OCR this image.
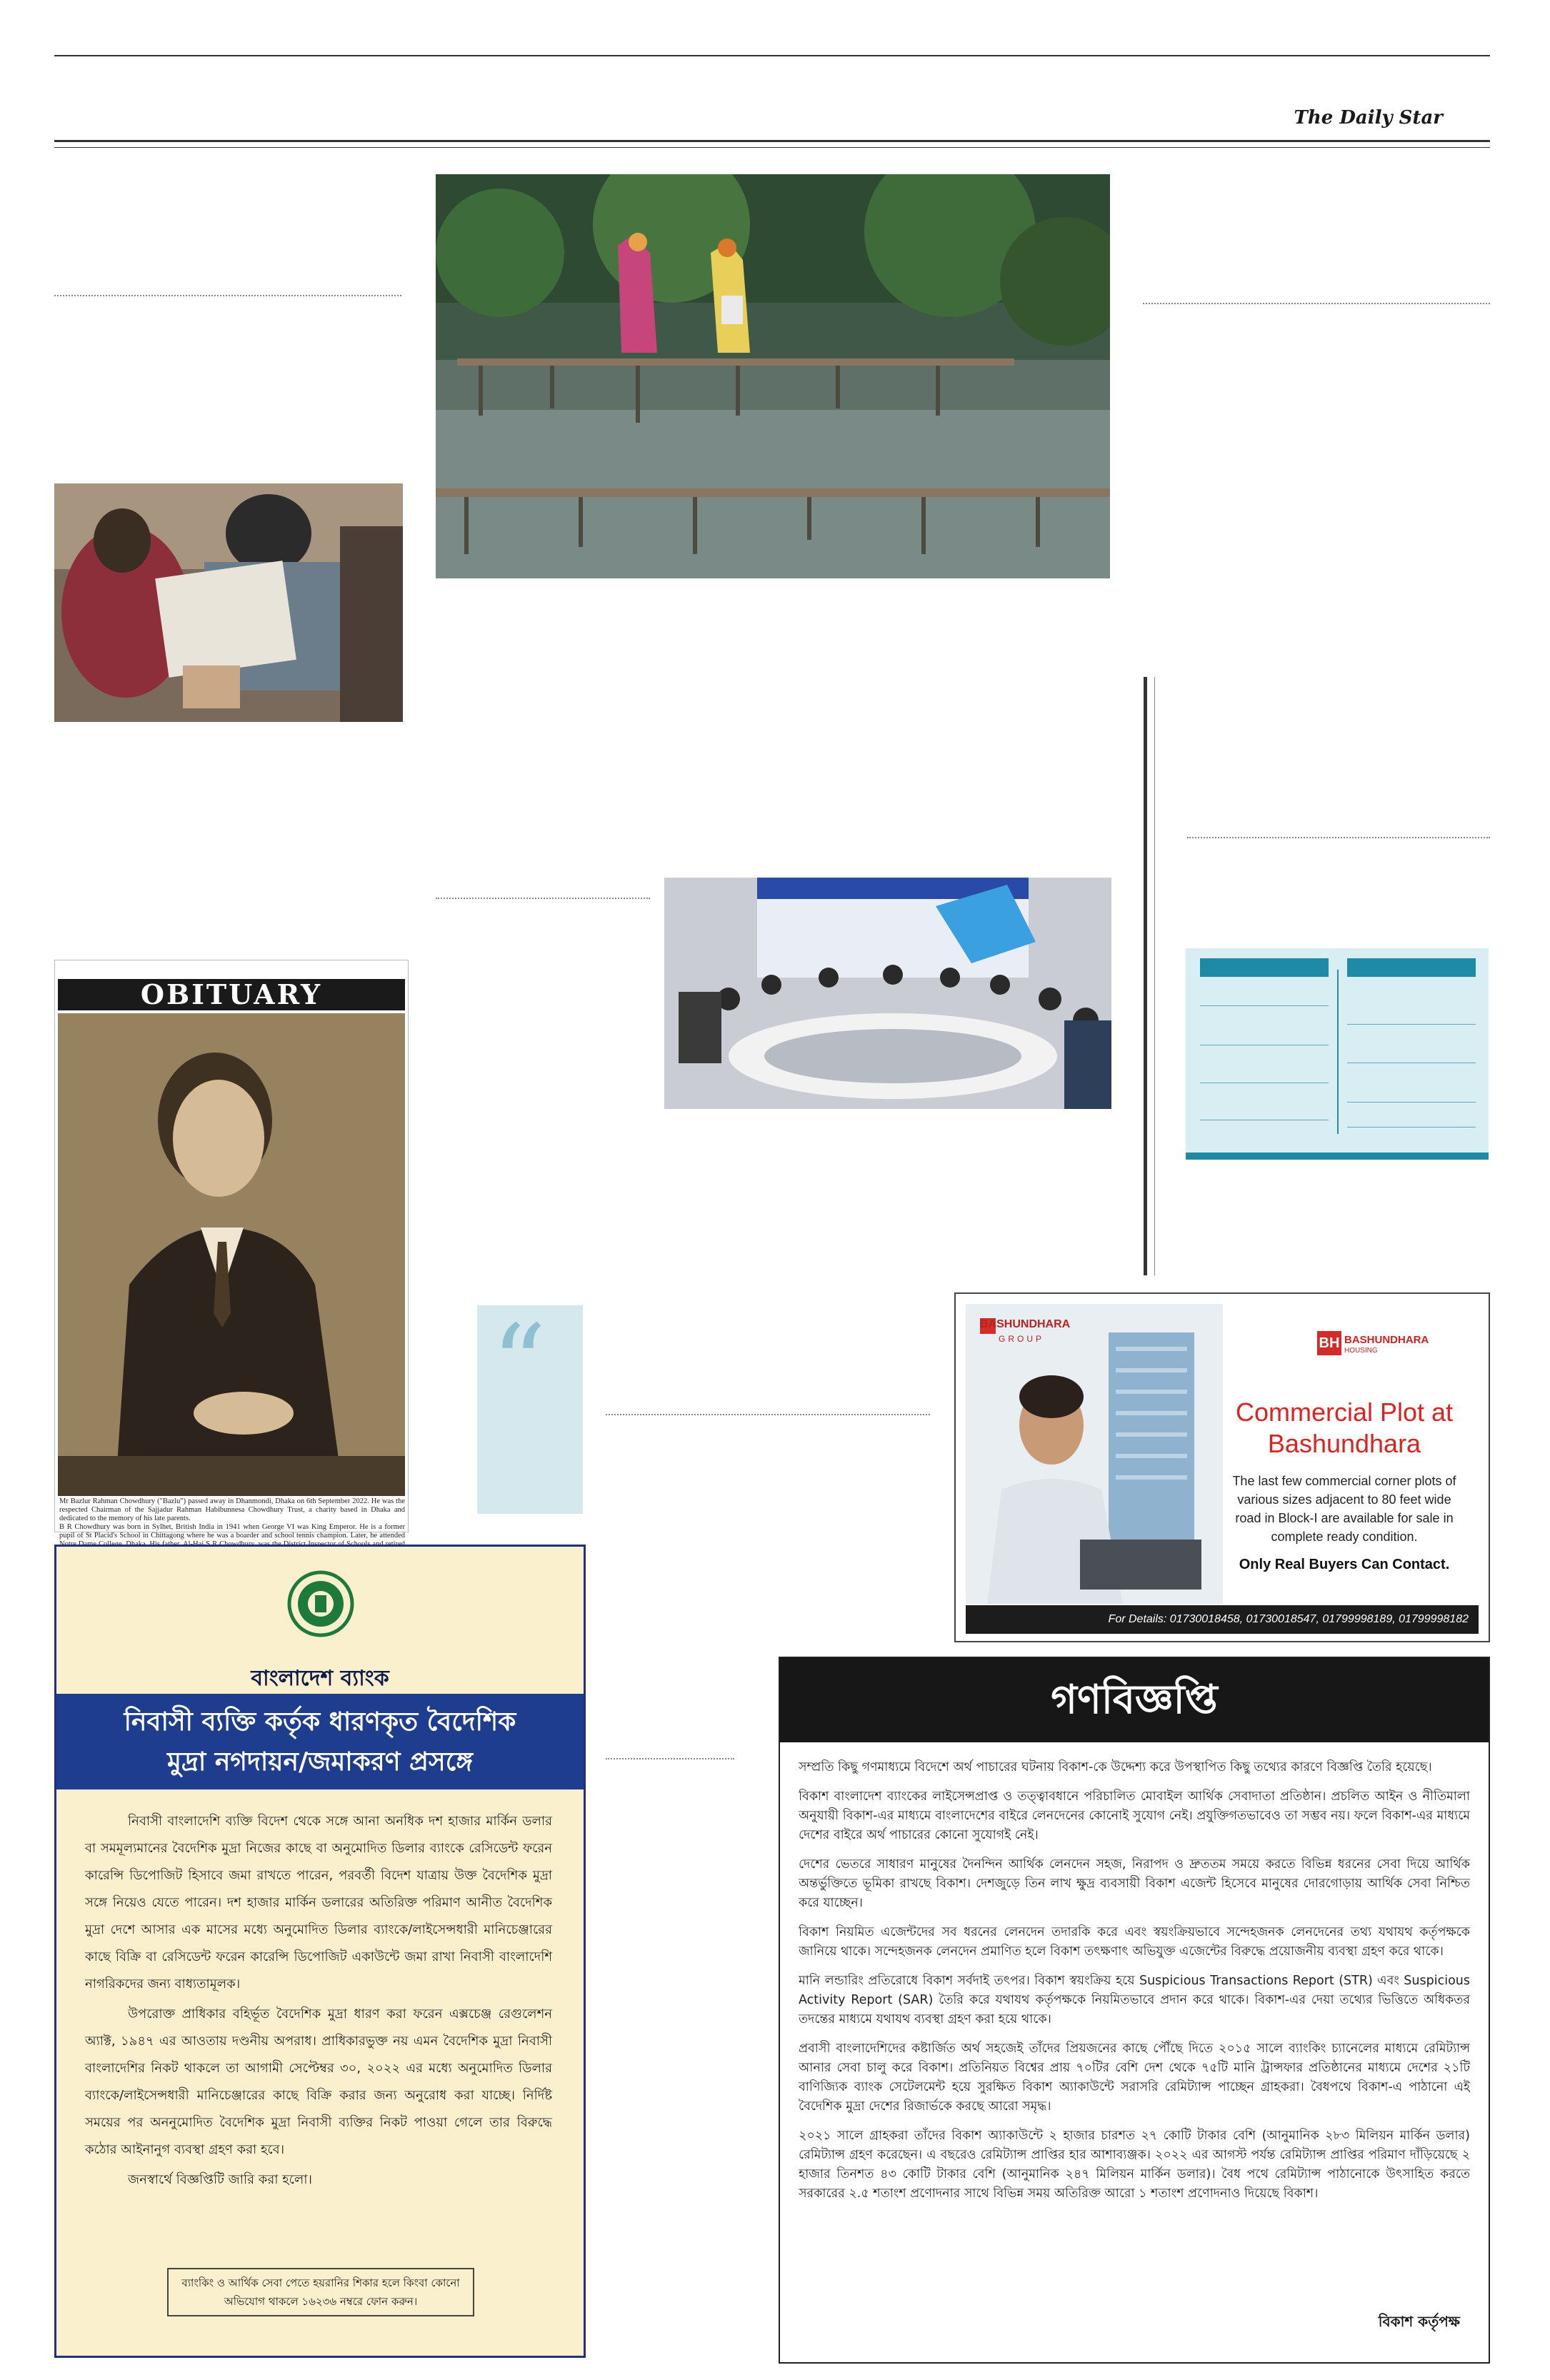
The Daily Star
“
OBITUARY

Mr Bazlur Rahman Chowdhury ("Bazlu") passed away in Dhanmondi, Dhaka on 6th September 2022. He was the respected Chairman of the Sajjadur Rahman Habibunnesa Chowdhury Trust, a charity based in Dhaka and dedicated to the memory of his late parents.

B R Chowdhury was born in Sylhet, British India in 1941 when George VI was King Emperor. He is a former pupil of St Placid's School in Chittagong where he was a boarder and school tennis champion. Later, he attended

বাংলাদেশ ব্যাংক
নিবাসী ব্যক্তি কর্তৃক ধারণকৃত বৈদেশিক
মুদ্রা নগদায়ন/জমাকরণ প্রসঙ্গে

নিবাসী বাংলাদেশি ব্যক্তি বিদেশ থেকে সঙ্গে আনা অনধিক দশ হাজার মার্কিন ডলার বা সমমূল্যমানের বৈদেশিক মুদ্রা নিজের কাছে বা অনুমোদিত ডিলার ব্যাংকে রেসিডেন্ট ফরেন কারেন্সি ডিপোজিট হিসাবে জমা রাখতে পারেন, পরবর্তী বিদেশ যাত্রায় উক্ত বৈদেশিক মুদ্রা সঙ্গে নিয়েও যেতে পারেন। দশ হাজার মার্কিন ডলারের অতিরিক্ত পরিমাণ আনীত বৈদেশিক মুদ্রা দেশে আসার এক মাসের মধ্যে অনুমোদিত ডিলার ব্যাংকে/লাইসেন্সধারী মানিচেঞ্জারের কাছে বিক্রি বা রেসিডেন্ট ফরেন কারেন্সি ডিপোজিট একাউন্টে জমা রাখা নিবাসী বাংলাদেশি নাগরিকদের জন্য বাধ্যতামূলক।

উপরোক্ত প্রাধিকার বহির্ভূত বৈদেশিক মুদ্রা ধারণ করা ফরেন এক্সচেঞ্জ রেগুলেশন অ্যাক্ট, ১৯৪৭ এর আওতায় দণ্ডনীয় অপরাধ। প্রাধিকারভুক্ত নয় এমন বৈদেশিক মুদ্রা নিবাসী বাংলাদেশির নিকট থাকলে তা আগামী সেপ্টেম্বর ৩০, ২০২২ এর মধ্যে অনুমোদিত ডিলার ব্যাংকে/লাইসেন্সধারী মানিচেঞ্জারের কাছে বিক্রি করার জন্য অনুরোধ করা যাচ্ছে। নির্দিষ্ট সময়ের পর অননুমোদিত বৈদেশিক মুদ্রা নিবাসী ব্যক্তির নিকট পাওয়া গেলে তার বিরুদ্ধে কঠোর আইনানুগ ব্যবস্থা গ্রহণ করা হবে।

জনস্বার্থে বিজ্ঞপ্তিটি জারি করা হলো।

ব্যাংকিং ও আর্থিক সেবা পেতে হয়রানির শিকার হলে কিংবা কোনো অভিযোগ থাকলে ১৬২৩৬ নম্বরে ফোন করুন।
BASHUNDHARA
GROUP	BH BASHUNDHARA
HOUSING
Commercial Plot at Bashundhara
The last few commercial corner plots of various sizes adjacent to 80 feet wide road in Block-I are available for sale in complete ready condition.
Only Real Buyers Can Contact.
For Details: 01730018458, 01730018547, 01799998189, 01799998182
গণবিজ্ঞপ্তি

সম্প্রতি কিছু গণমাধ্যমে বিদেশে অর্থ পাচারের ঘটনায় বিকাশ-কে উদ্দেশ্য করে উপস্থাপিত কিছু তথ্যের কারণে বিজ্ঞপ্তি তৈরি হয়েছে।

বিকাশ বাংলাদেশ ব্যাংকের লাইসেন্সপ্রাপ্ত ও তত্ত্বাবধানে পরিচালিত মোবাইল আর্থিক সেবাদাতা প্রতিষ্ঠান। প্রচলিত আইন ও নীতিমালা অনুযায়ী বিকাশ-এর মাধ্যমে বাংলাদেশের বাইরে লেনদেনের কোনোই সুযোগ নেই। প্রযুক্তিগতভাবেও তা সম্ভব নয়। ফলে বিকাশ-এর মাধ্যমে দেশের বাইরে অর্থ পাচারের কোনো সুযোগই নেই।

দেশের ভেতরে সাধারণ মানুষের দৈনন্দিন আর্থিক লেনদেন সহজ, নিরাপদ ও দ্রুততম সময়ে করতে বিভিন্ন ধরনের সেবা দিয়ে আর্থিক অন্তর্ভুক্তিতে ভূমিকা রাখছে বিকাশ। দেশজুড়ে তিন লাখ ক্ষুদ্র ব্যবসায়ী বিকাশ এজেন্ট হিসেবে মানুষের দোরগোড়ায় আর্থিক সেবা নিশ্চিত করে যাচ্ছেন।

বিকাশ নিয়মিত এজেন্টদের সব ধরনের লেনদেন তদারকি করে এবং স্বয়ংক্রিয়ভাবে সন্দেহজনক লেনদেনের তথ্য যথাযথ কর্তৃপক্ষকে জানিয়ে থাকে। সন্দেহজনক লেনদেন প্রমাণিত হলে বিকাশ তৎক্ষণাৎ অভিযুক্ত এজেন্টের বিরুদ্ধে প্রয়োজনীয় ব্যবস্থা গ্রহণ করে থাকে।

মানি লন্ডারিং প্রতিরোধে বিকাশ সর্বদাই তৎপর। বিকাশ স্বয়ংক্রিয় হয়ে Suspicious Transactions Report (STR) এবং Suspicious Activity Report (SAR) তৈরি করে যথাযথ কর্তৃপক্ষকে নিয়মিতভাবে প্রদান করে থাকে। বিকাশ-এর দেয়া তথ্যের ভিত্তিতে অধিকতর তদন্তের মাধ্যমে যথাযথ ব্যবস্থা গ্রহণ করা হয়ে থাকে।

প্রবাসী বাংলাদেশিদের কষ্টার্জিত অর্থ সহজেই তাঁদের প্রিয়জনের কাছে পৌঁছে দিতে ২০১৫ সালে ব্যাংকিং চ্যানেলের মাধ্যমে রেমিট্যান্স আনার সেবা চালু করে বিকাশ। প্রতিনিয়ত বিশ্বের প্রায় ৭০টির বেশি দেশ থেকে ৭৫টি মানি ট্রান্সফার প্রতিষ্ঠানের মাধ্যমে দেশের ২১টি বাণিজ্যিক ব্যাংক সেটেলমেন্ট হয়ে সুরক্ষিত বিকাশ অ্যাকাউন্টে সরাসরি রেমিট্যান্স পাচ্ছেন গ্রাহকরা। বৈধপথে বিকাশ-এ পাঠানো এই বৈদেশিক মুদ্রা দেশের রিজার্ভকে করছে আরো সমৃদ্ধ।

২০২১ সালে গ্রাহকরা তাঁদের বিকাশ অ্যাকাউন্টে ২ হাজার চারশত ২৭ কোটি টাকার বেশি (আনুমানিক ২৮৩ মিলিয়ন মার্কিন ডলার) রেমিট্যান্স গ্রহণ করেছেন। এ বছরেও রেমিট্যান্স প্রাপ্তির হার আশাব্যঞ্জক। ২০২২ এর আগস্ট পর্যন্ত রেমিট্যান্স প্রাপ্তির পরিমাণ দাঁড়িয়েছে ২ হাজার তিনশত ৪৩ কোটি টাকার বেশি (আনুমানিক ২৪৭ মিলিয়ন মার্কিন ডলার)। বৈধ পথে রেমিট্যান্স পাঠানোকে উৎসাহিত করতে সরকারের ২.৫ শতাংশ প্রণোদনার সাথে বিভিন্ন সময় অতিরিক্ত আরো ১ শতাংশ প্রণোদনাও দিয়েছে বিকাশ।

বিকাশ কর্তৃপক্ষ
